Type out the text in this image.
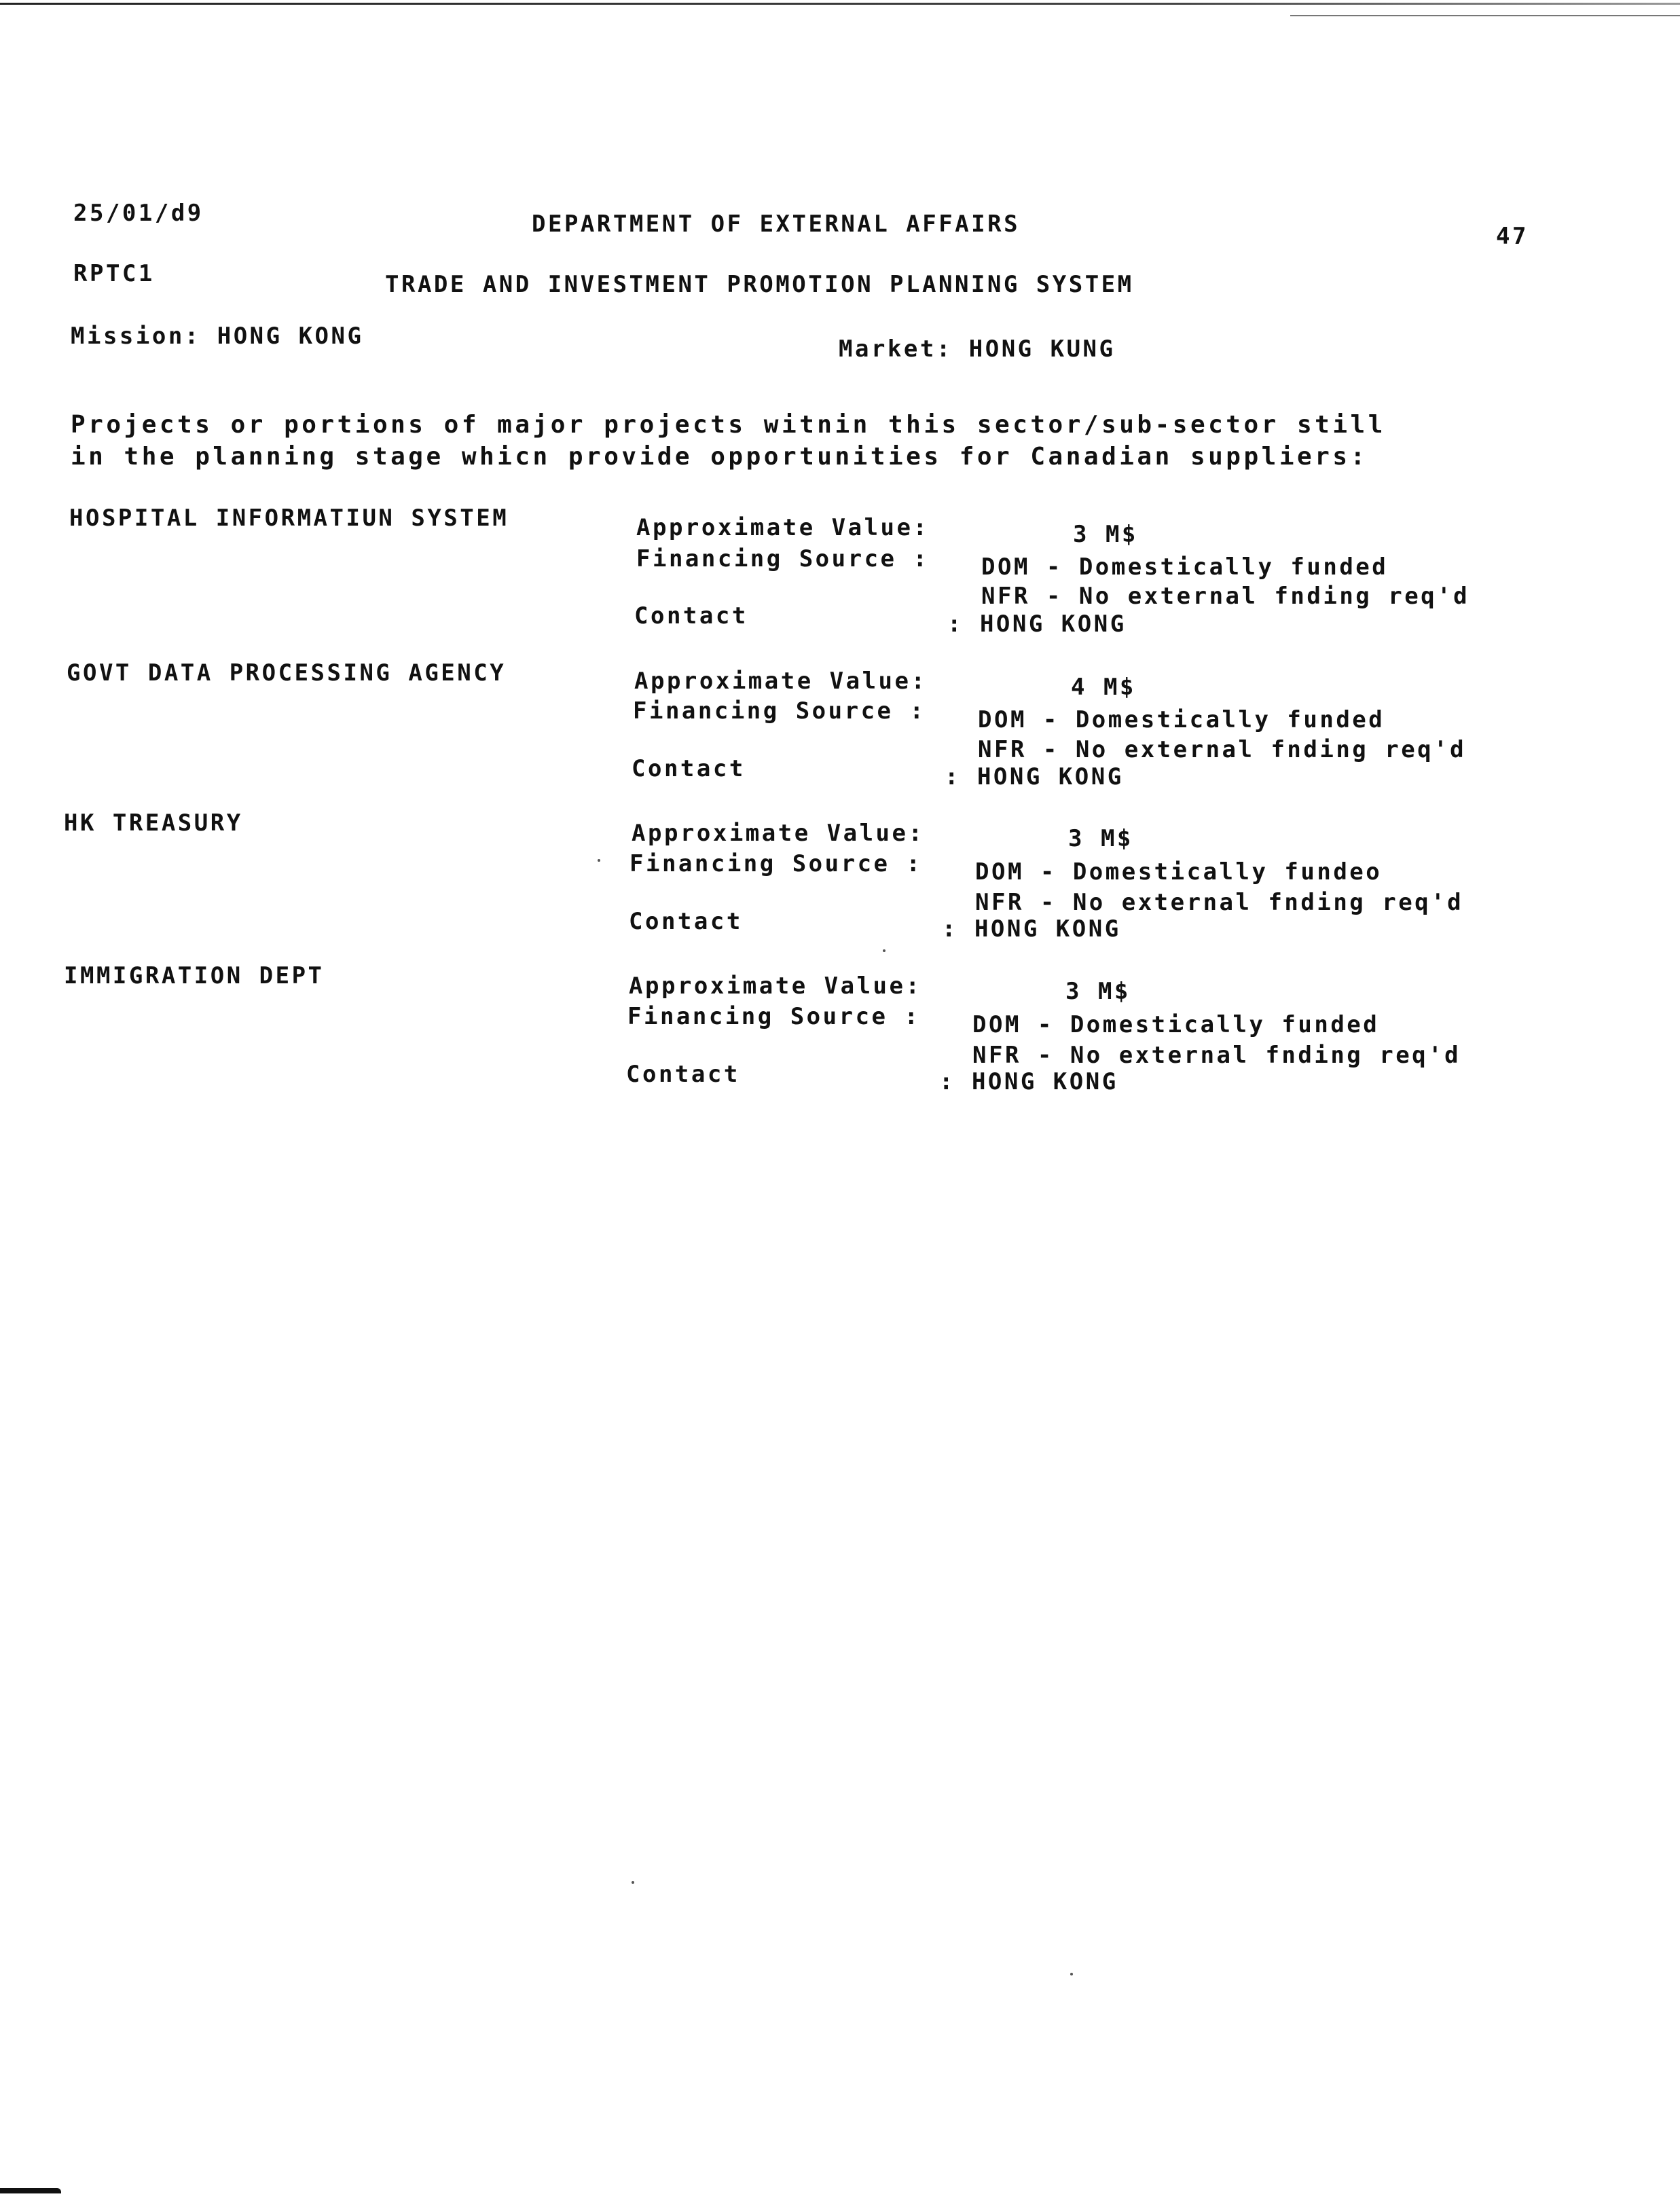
25/01/d9	DEPARTMENT OF EXTERNAL AFFAIRS	47
RPTC1	TRADE AND INVESTMENT PROMOTION PLANNING SYSTEM
Mission: HONG KONG	Market: HONG KUNG
Projects or portions of major projects witnin this sector/sub-sector still
in the planning stage whicn provide opportunities for Canadian suppliers:
HOSPITAL INFORMATIUN SYSTEM	Approximate Value:	3 M$
Financing Source : DOM - Domestically funded
NFR - No external fnding req'd
Contact	: HONG KONG
GOVT DATA PROCESSING AGENCY	Approximate Value:	4 M$
Financing Source : DOM - Domestically funded
NFR - No external fnding req'd
Contact	: HONG KONG
HK TREASURY	Approximate Value:	3 M$
Financing Source : DOM - Domestically fundeo
NFR - No external fnding req'd
Contact	: HONG KONG
IMMIGRATION DEPT	Approximate Value:	3 M$
Financing Source : DOM - Domestically funded
NFR - No external fnding req'd
Contact	: HONG KONG
